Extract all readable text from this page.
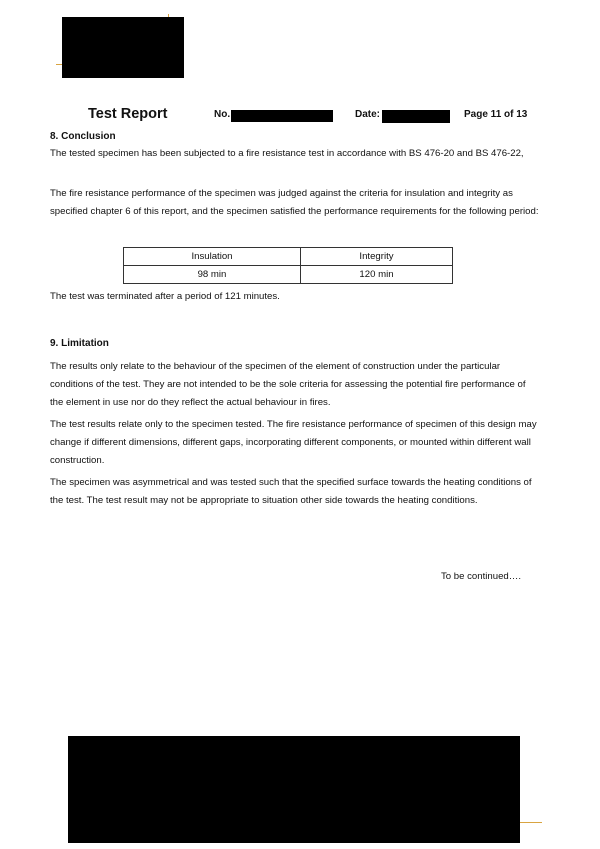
Test Report	No.	Date:	Page 11 of 13
8. Conclusion
The tested specimen has been subjected to a fire resistance test in accordance with BS 476-20 and BS 476-22,
The fire resistance performance of the specimen was judged against the criteria for insulation and integrity as specified chapter 6 of this report, and the specimen satisfied the performance requirements for the following period:
Insulation	Integrity
98 min	120 min
The test was terminated after a period of 121 minutes.
9. Limitation
The results only relate to the behaviour of the specimen of the element of construction under the particular conditions of the test. They are not intended to be the sole criteria for assessing the potential fire performance of the element in use nor do they reflect the actual behaviour in fires.
The test results relate only to the specimen tested. The fire resistance performance of specimen of this design may change if different dimensions, different gaps, incorporating different components, or mounted within different wall construction.
The specimen was asymmetrical and was tested such that the specified surface towards the heating conditions of the test. The test result may not be appropriate to situation other side towards the heating conditions.
To be continued….
